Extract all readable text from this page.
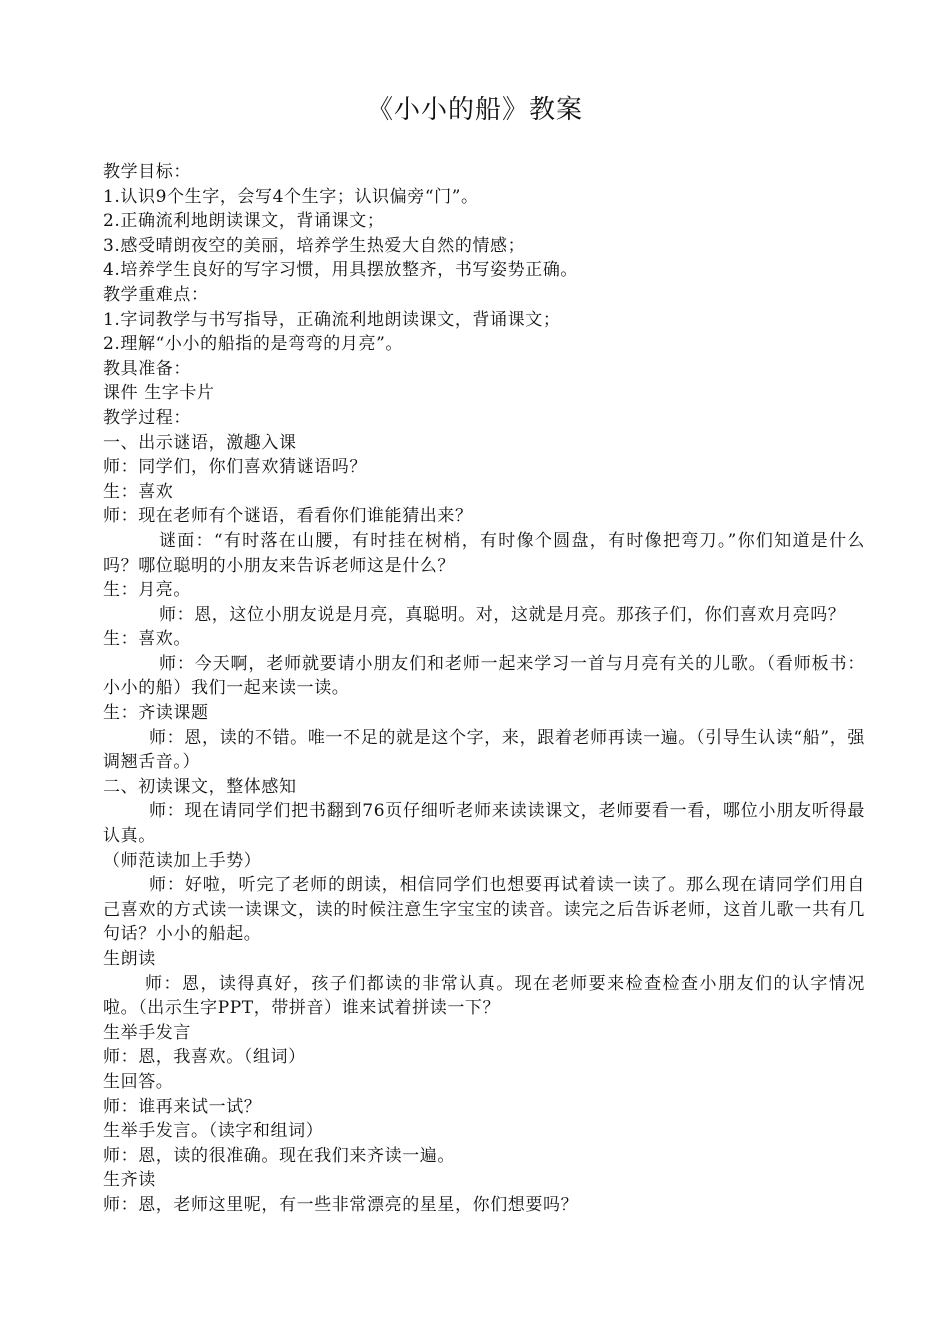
《小小的船》教案

教学目标：

1.认识9个生字，会写4个生字；认识偏旁“门”。

2.正确流利地朗读课文，背诵课文；

3.感受晴朗夜空的美丽，培养学生热爱大自然的情感；

4.培养学生良好的写字习惯，用具摆放整齐，书写姿势正确。

教学重难点：

1.字词教学与书写指导，正确流利地朗读课文，背诵课文；

2.理解“小小的船指的是弯弯的月亮”。

教具准备：

课件 生字卡片

教学过程：

一、出示谜语，激趣入课

师：同学们，你们喜欢猜谜语吗？

生：喜欢

师：现在老师有个谜语，看看你们谁能猜出来？

谜面：“有时落在山腰，有时挂在树梢，有时像个圆盘，有时像把弯刀。”你们知道是什么吗？哪位聪明的小朋友来告诉老师这是什么？

生：月亮。

师：恩，这位小朋友说是月亮，真聪明。对，这就是月亮。那孩子们，你们喜欢月亮吗？

生：喜欢。

师：今天啊，老师就要请小朋友们和老师一起来学习一首与月亮有关的儿歌。（看师板书：小小的船）我们一起来读一读。

生：齐读课题

师：恩，读的不错。唯一不足的就是这个字，来，跟着老师再读一遍。（引导生认读“船”，强调翘舌音。）

二、初读课文，整体感知

师：现在请同学们把书翻到76页仔细听老师来读读课文，老师要看一看，哪位小朋友听得最认真。

（师范读加上手势）

师：好啦，听完了老师的朗读，相信同学们也想要再试着读一读了。那么现在请同学们用自己喜欢的方式读一读课文，读的时候注意生字宝宝的读音。读完之后告诉老师，这首儿歌一共有几句话？小小的船起。

生朗读

师：恩，读得真好，孩子们都读的非常认真。现在老师要来检查检查小朋友们的认字情况啦。（出示生字PPT，带拼音）谁来试着拼读一下？

生举手发言

师：恩，我喜欢。（组词）

生回答。

师：谁再来试一试？

生举手发言。（读字和组词）

师：恩，读的很准确。现在我们来齐读一遍。

生齐读

师：恩，老师这里呢，有一些非常漂亮的星星，你们想要吗？
